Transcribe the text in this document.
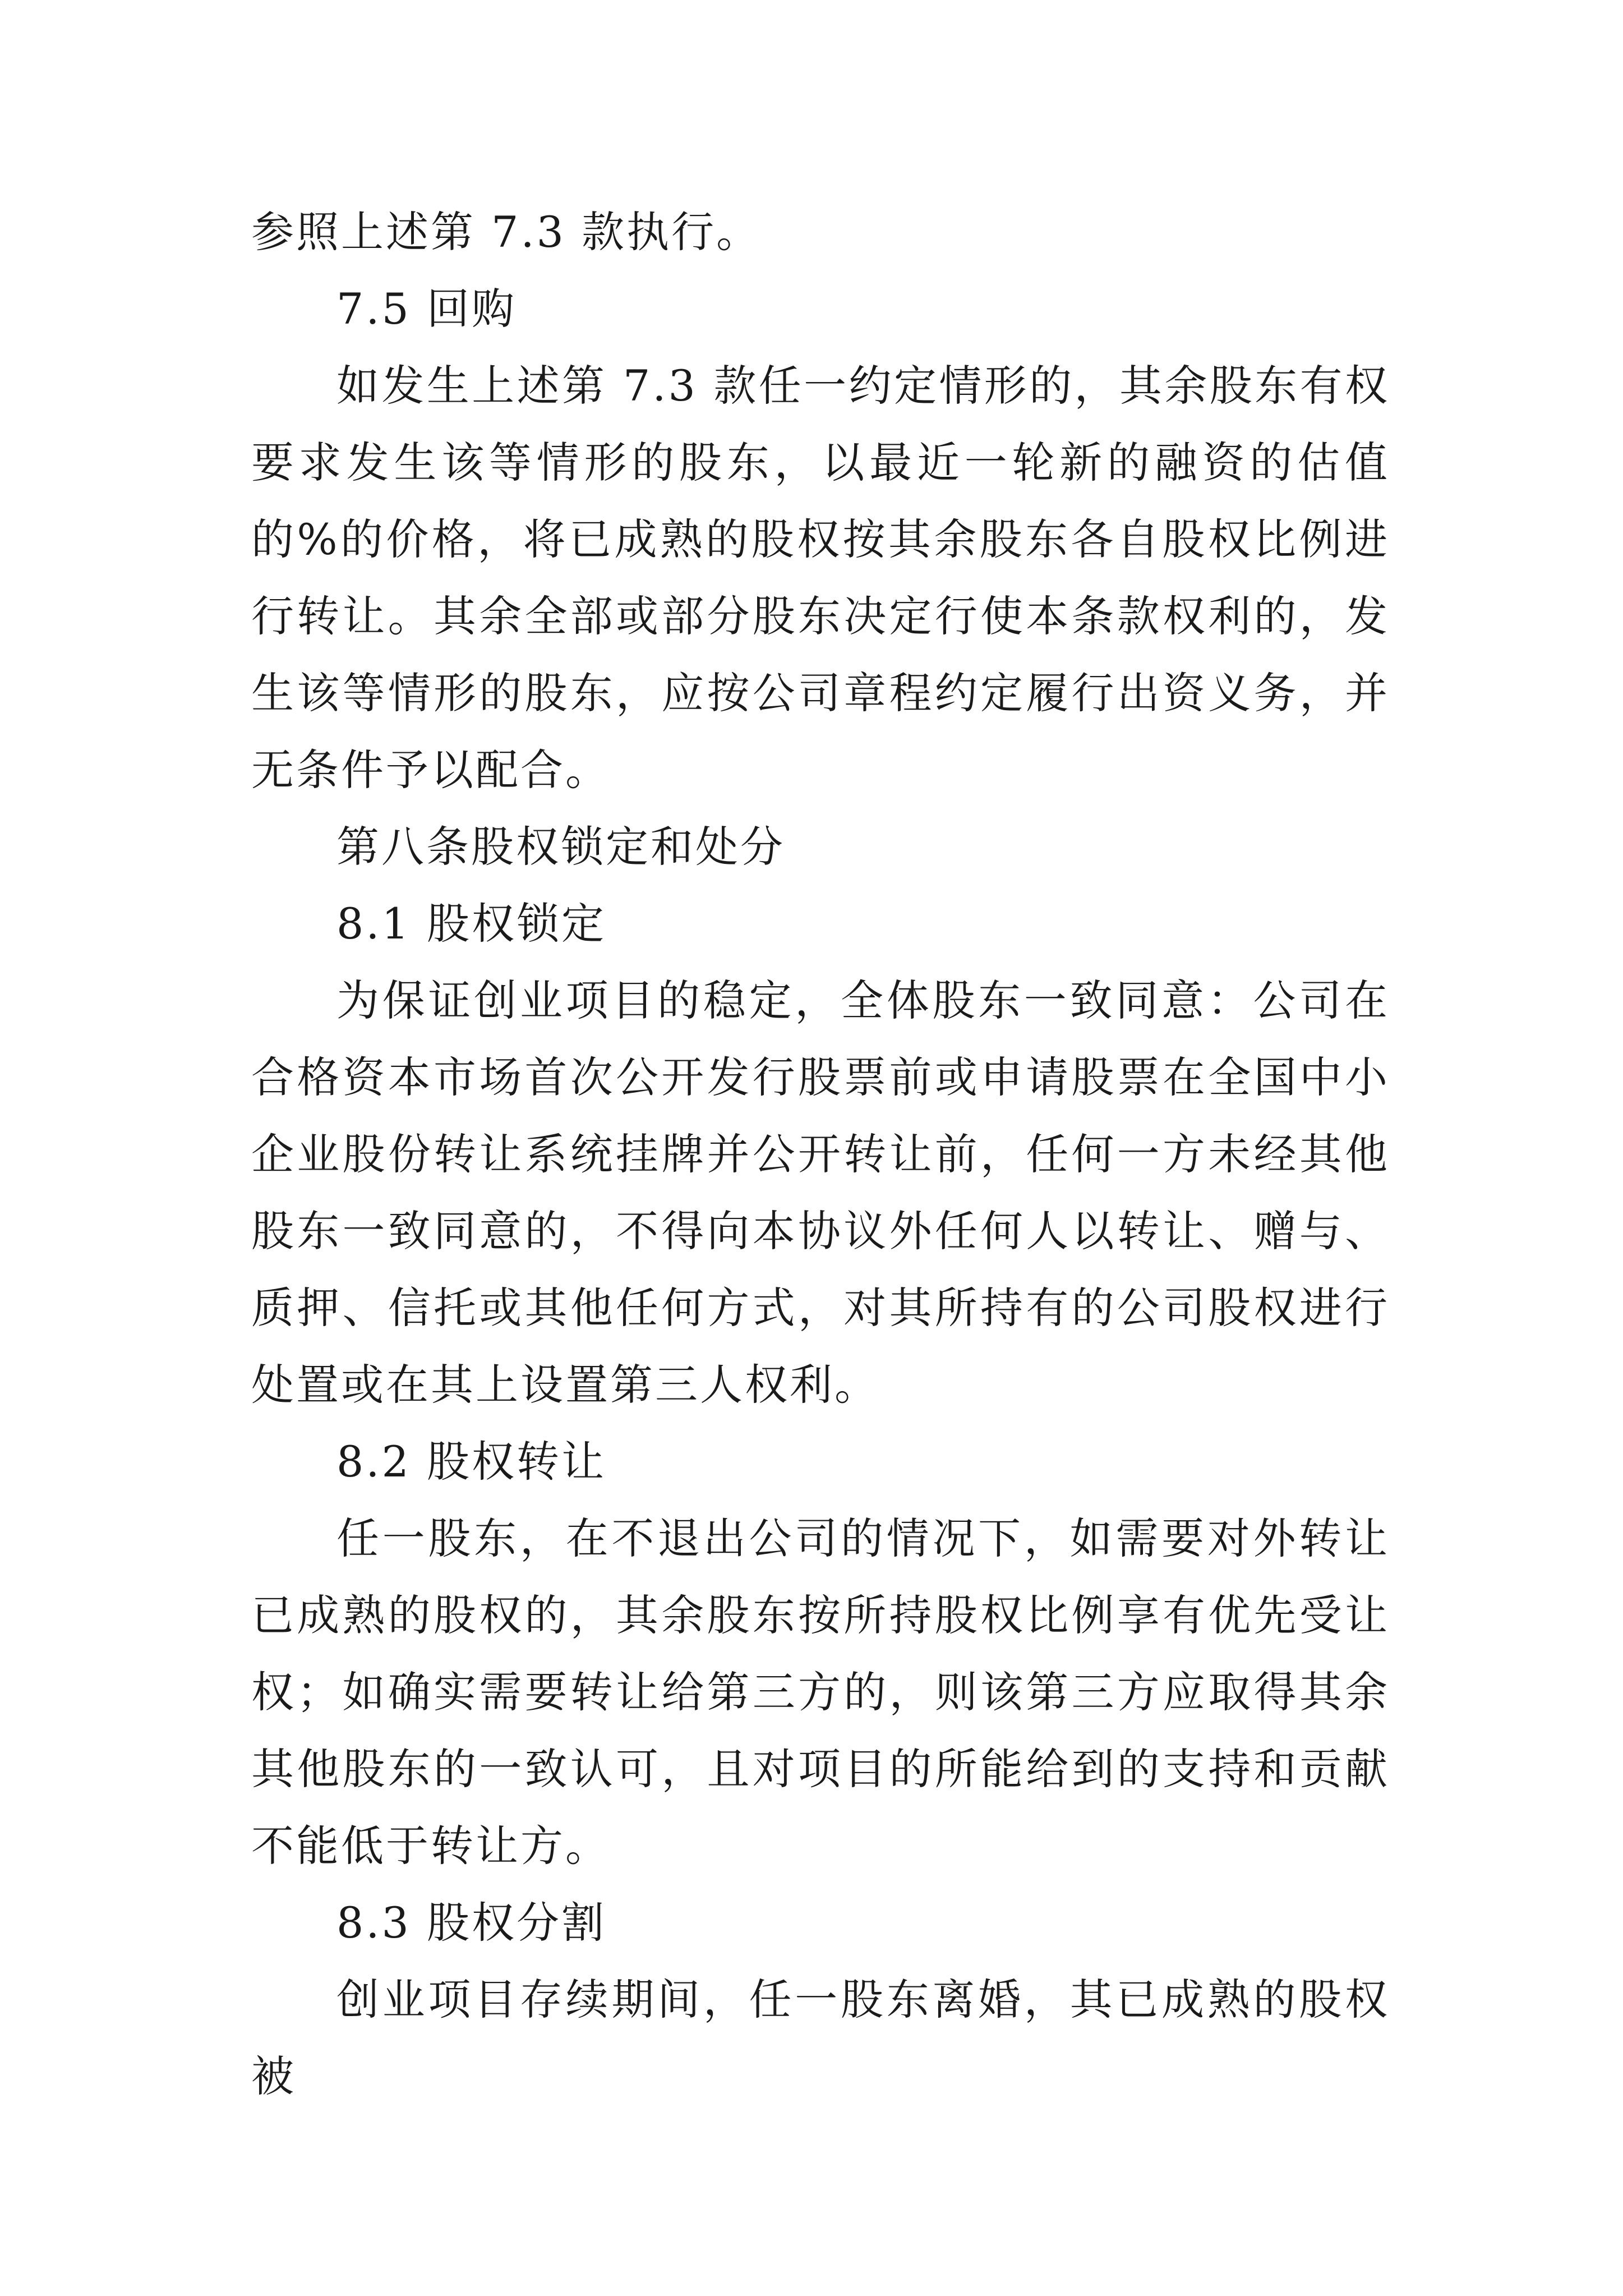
参照上述第 7.3 款执行。

7.5 回购

如发生上述第 7.3 款任一约定情形的，其余股东有权要求发生该等情形的股东，以最近一轮新的融资的估值的%的价格，将已成熟的股权按其余股东各自股权比例进行转让。其余全部或部分股东决定行使本条款权利的，发生该等情形的股东，应按公司章程约定履行出资义务，并无条件予以配合。

第八条股权锁定和处分

8.1 股权锁定

为保证创业项目的稳定，全体股东一致同意：公司在合格资本市场首次公开发行股票前或申请股票在全国中小企业股份转让系统挂牌并公开转让前，任何一方未经其他股东一致同意的，不得向本协议外任何人以转让、赠与、质押、信托或其他任何方式，对其所持有的公司股权进行处置或在其上设置第三人权利。

8.2 股权转让

任一股东，在不退出公司的情况下，如需要对外转让已成熟的股权的，其余股东按所持股权比例享有优先受让权；如确实需要转让给第三方的，则该第三方应取得其余其他股东的一致认可，且对项目的所能给到的支持和贡献不能低于转让方。

8.3 股权分割

创业项目存续期间，任一股东离婚，其已成熟的股权被
